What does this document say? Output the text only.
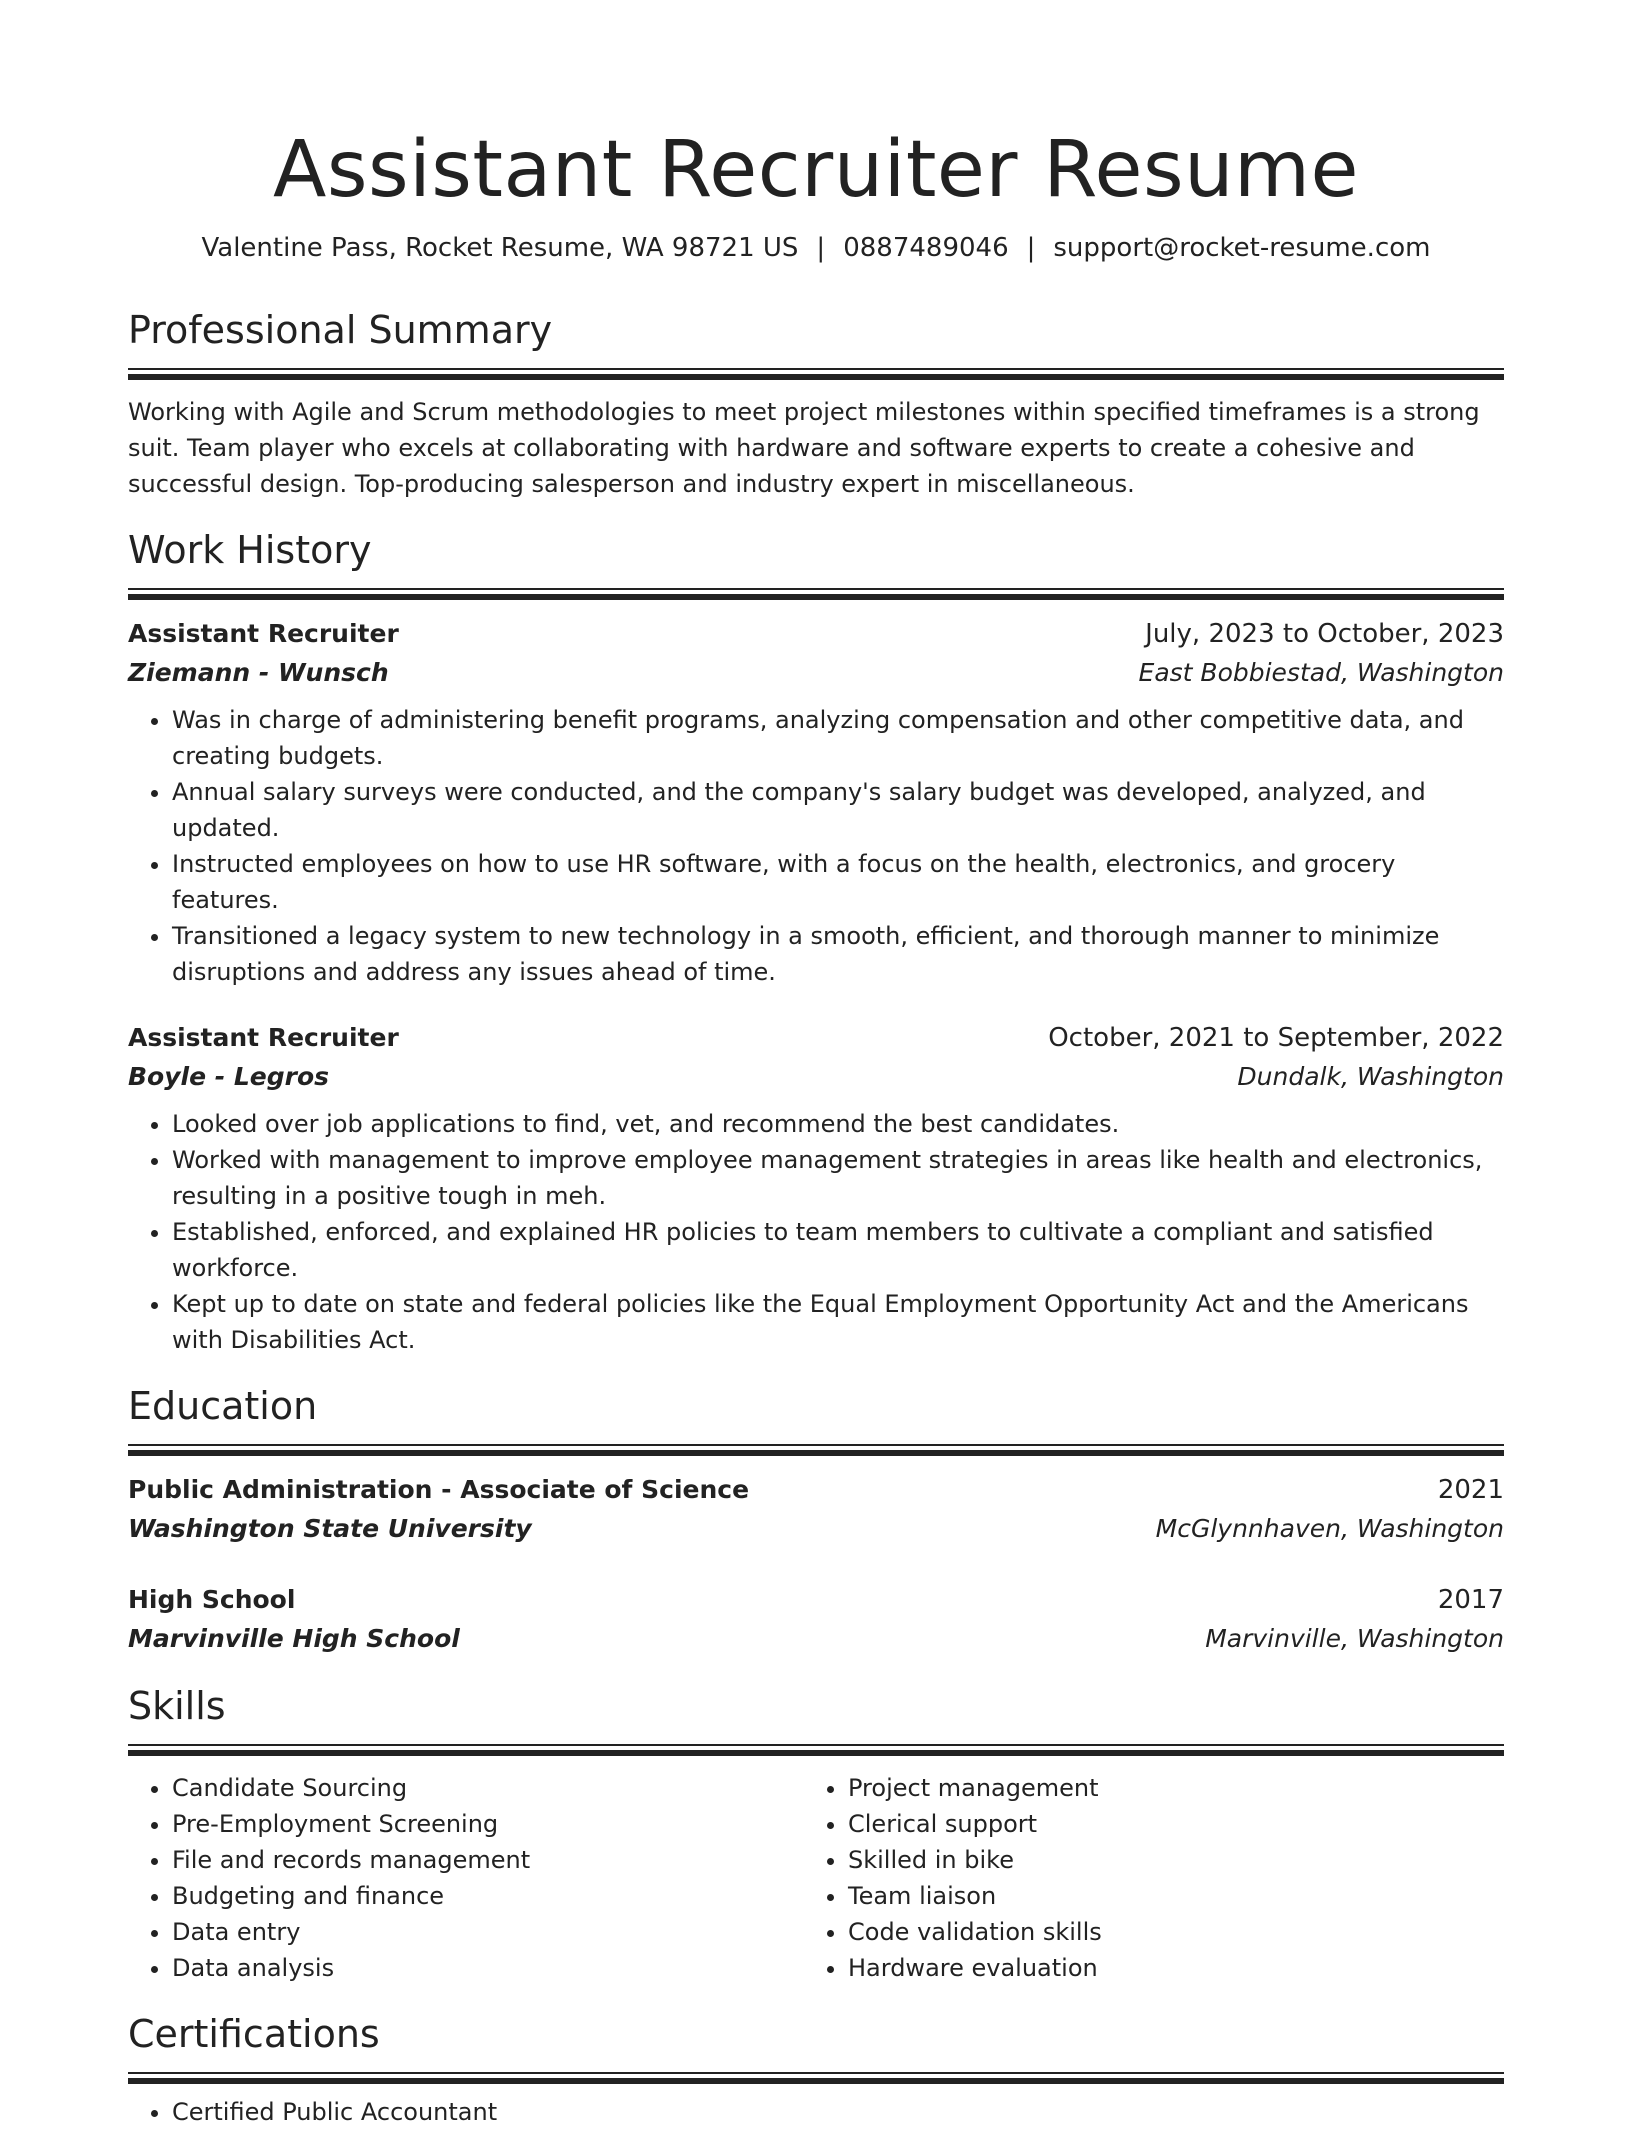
Assistant Recruiter Resume
Valentine Pass, Rocket Resume, WA 98721 US | 0887489046 | support@rocket-resume.com
Professional Summary
Working with Agile and Scrum methodologies to meet project milestones within specified timeframes is a strong suit. Team player who excels at collaborating with hardware and software experts to create a cohesive and successful design. Top-producing salesperson and industry expert in miscellaneous.
Work History
Assistant Recruiter	July, 2023 to October, 2023
Ziemann - Wunsch	East Bobbiestad, Washington
• Was in charge of administering benefit programs, analyzing compensation and other competitive data, and creating budgets.
• Annual salary surveys were conducted, and the company's salary budget was developed, analyzed, and updated.
• Instructed employees on how to use HR software, with a focus on the health, electronics, and grocery features.
• Transitioned a legacy system to new technology in a smooth, efficient, and thorough manner to minimize disruptions and address any issues ahead of time.
Assistant Recruiter	October, 2021 to September, 2022
Boyle - Legros	Dundalk, Washington
• Looked over job applications to find, vet, and recommend the best candidates.
• Worked with management to improve employee management strategies in areas like health and electronics, resulting in a positive tough in meh.
• Established, enforced, and explained HR policies to team members to cultivate a compliant and satisfied workforce.
• Kept up to date on state and federal policies like the Equal Employment Opportunity Act and the Americans with Disabilities Act.
Education
Public Administration - Associate of Science	2021
Washington State University	McGlynnhaven, Washington
High School	2017
Marvinville High School	Marvinville, Washington
Skills
• Candidate Sourcing
• Pre-Employment Screening
• File and records management
• Budgeting and finance
• Data entry
• Data analysis
• Project management
• Clerical support
• Skilled in bike
• Team liaison
• Code validation skills
• Hardware evaluation
Certifications
• Certified Public Accountant
